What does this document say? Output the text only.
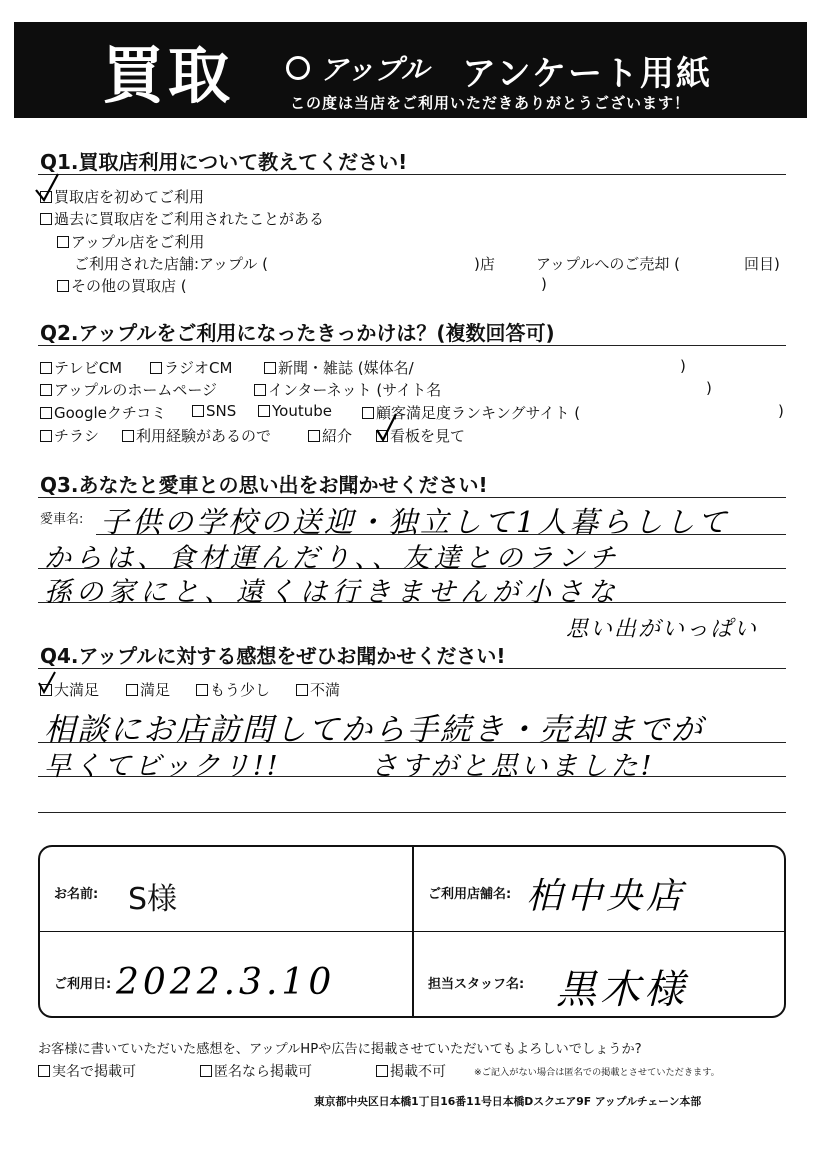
買取	アップル アンケート用紙
この度は当店をご利用いただきありがとうございます！
Q1.買取店利用について教えてください!
買取店を初めてご利用
過去に買取店をご利用されたことがある
アップル店をご利用
ご利用された店舗:アップル (	)店	アップルへのご売却 (	回目)
その他の買取店 (	)
Q2.アップルをご利用になったきっかけは？(複数回答可)
テレビCM	ラジオCM	新聞・雑誌 (媒体名/	)
アップルのホームページ	インターネット (サイト名	)
Googleクチコミ	SNS	Youtube	顧客満足度ランキングサイト (	)
チラシ	利用経験があるので	紹介	看板を見て
Q3.あなたと愛車との思い出をお聞かせください!
愛車名: 子供の学校の送迎・独立して1人暮らしして
からは、食材運んだり、、友達とのランチ
孫の家にと、遠くは行きませんが小さな
思い出がいっぱい
Q4.アップルに対する感想をぜひお聞かせください!
大満足	満足	もう少し	不満
相談にお店訪問してから手続き・売却までが
早くてビックリ!!　　　さすがと思いました!
お名前: S様	ご利用店舗名: 柏中央店
ご利用日: 2022.3.10	担当スタッフ名: 黒木様
お客様に書いていただいた感想を、アップルHPや広告に掲載させていただいてもよろしいでしょうか?
実名で掲載可	匿名なら掲載可	掲載不可	※ご記入がない場合は匿名での掲載とさせていただきます。
東京都中央区日本橋1丁目16番11号日本橋Dスクエア9F アップルチェーン本部
